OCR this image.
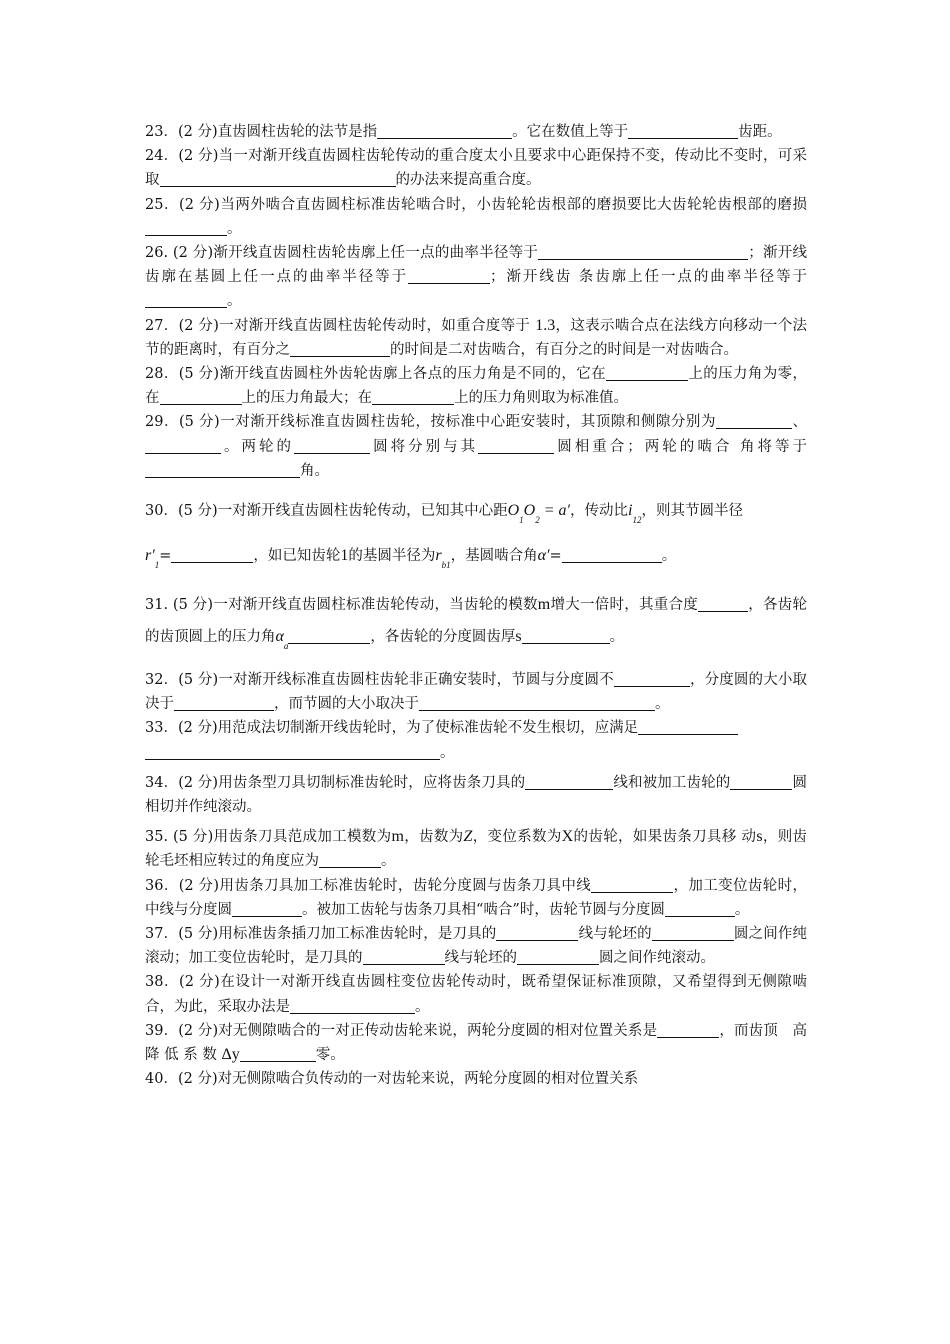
23．(2 分)直齿圆柱齿轮的法节是指	。它在数值上等于	齿距。

24．(2 分)当一对渐开线直齿圆柱齿轮传动的重合度太小且要求中心距保持不变，传动比不变时，可采取	的办法来提高重合度。

25．(2 分)当两外啮合直齿圆柱标准齿轮啮合时，小齿轮轮齿根部的磨损要比大齿轮轮齿根部的磨损。

26. (2 分)渐开线直齿圆柱齿轮齿廓上任一点的曲率半径等于	；渐开线齿廓在基圆上任一点的曲率半径等于	；渐开线齿 条齿廓上任一点的曲率半径等于。

27．(2 分)一对渐开线直齿圆柱齿轮传动时，如重合度等于 1.3，这表示啮合点在法线方向移动一个法节的距离时，有百分之	的时间是二对齿啮合，有百分之的时间是一对齿啮合。

28．(5 分)渐开线直齿圆柱外齿轮齿廓上各点的压力角是不同的，它在	上的压力角为零，在	上的压力角最大；在	上的压力角则取为标准值。

29．(5 分)一对渐开线标准直齿圆柱齿轮，按标准中心距安装时，其顶隙和侧隙分别为	、。两轮的	圆将分别与其	圆相重合；两轮的啮合 角将等于角。

30．(5 分)一对渐开线直齿圆柱齿轮传动，已知其中心距$O_1O_2 = a'$，传动比$i_{12}$，则其节圆半径
$r'_1=$	，如已知齿轮1的基圆半径为$r_{b1}$，基圆啮合角α′=	。

31. (5 分)一对渐开线直齿圆柱标准齿轮传动，当齿轮的模数m增大一倍时，其重合度	，各齿轮的齿顶圆上的压力角$\alpha_a$，各齿轮的分度圆齿厚s	。

32．(5 分)一对渐开线标准直齿圆柱齿轮非正确安装时，节圆与分度圆不	，分度圆的大小取决于	，而节圆的大小取决于	。

33．(2 分)用范成法切制渐开线齿轮时，为了使标准齿轮不发生根切，应满足
。

34．(2 分)用齿条型刀具切制标准齿轮时，应将齿条刀具的	线和被加工齿轮的	圆相切并作纯滚动。

35. (5 分)用齿条刀具范成加工模数为m，齿数为Z，变位系数为X的齿轮，如果齿条刀具移 动s，则齿轮毛坯相应转过的角度应为	。

36．(2 分)用齿条刀具加工标准齿轮时，齿轮分度圆与齿条刀具中线	，加工变位齿轮时，中线与分度圆	。被加工齿轮与齿条刀具相“啮合”时，齿轮节圆与分度圆	。

37．(5 分)用标准齿条插刀加工标准齿轮时，是刀具的	线与轮坯的	圆之间作纯滚动；加工变位齿轮时，是刀具的	线与轮坯的	圆之间作纯滚动。

38．(2 分)在设计一对渐开线直齿圆柱变位齿轮传动时，既希望保证标准顶隙，又希望得到无侧隙啮合，为此，采取办法是	。

39．(2 分)对无侧隙啮合的一对正传动齿轮来说，两轮分度圆的相对位置关系是	，而齿顶　高 降 低 系 数 Δy	零。

40．(2 分)对无侧隙啮合负传动的一对齿轮来说，两轮分度圆的相对位置关系
